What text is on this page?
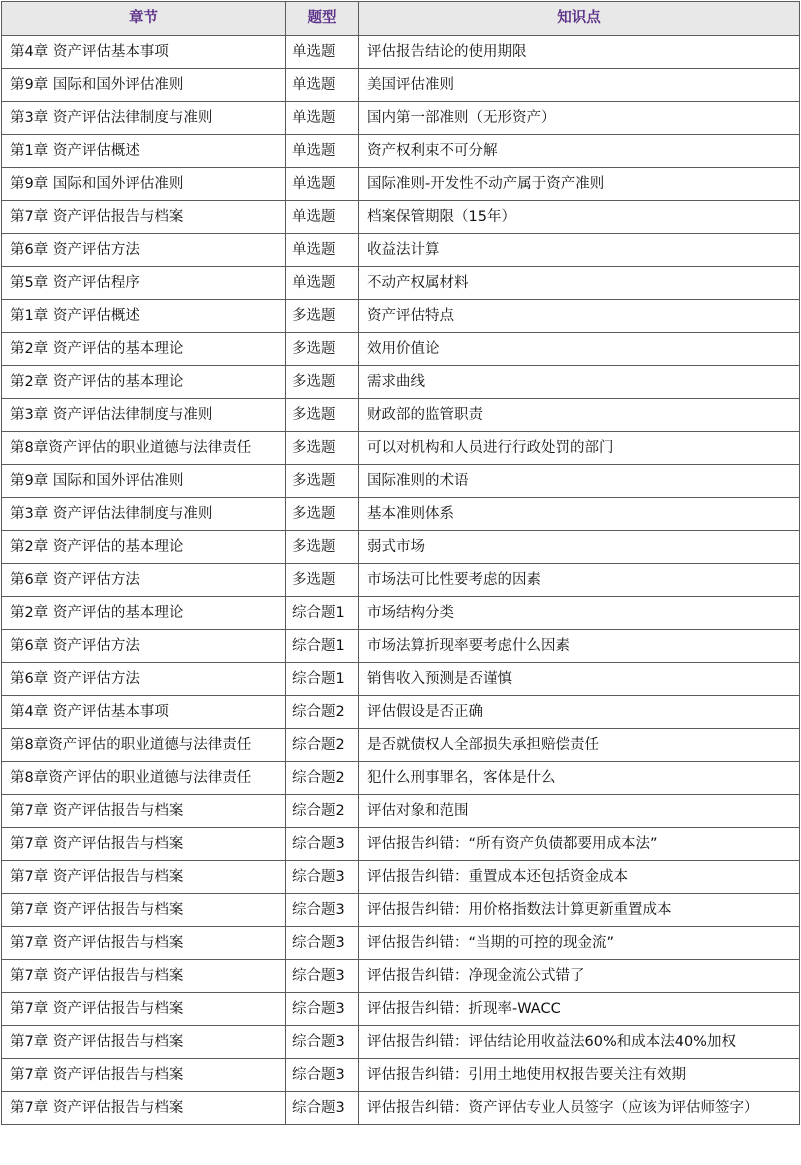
章节	题型	知识点
第4章 资产评估基本事项	单选题	评估报告结论的使用期限
第9章 国际和国外评估准则	单选题	美国评估准则
第3章 资产评估法律制度与准则	单选题	国内第一部准则（无形资产）
第1章 资产评估概述	单选题	资产权利束不可分解
第9章 国际和国外评估准则	单选题	国际准则-开发性不动产属于资产准则
第7章 资产评估报告与档案	单选题	档案保管期限（15年）
第6章 资产评估方法	单选题	收益法计算
第5章 资产评估程序	单选题	不动产权属材料
第1章 资产评估概述	多选题	资产评估特点
第2章 资产评估的基本理论	多选题	效用价值论
第2章 资产评估的基本理论	多选题	需求曲线
第3章 资产评估法律制度与准则	多选题	财政部的监管职责
第8章资产评估的职业道德与法律责任	多选题	可以对机构和人员进行行政处罚的部门
第9章 国际和国外评估准则	多选题	国际准则的术语
第3章 资产评估法律制度与准则	多选题	基本准则体系
第2章 资产评估的基本理论	多选题	弱式市场
第6章 资产评估方法	多选题	市场法可比性要考虑的因素
第2章 资产评估的基本理论	综合题1	市场结构分类
第6章 资产评估方法	综合题1	市场法算折现率要考虑什么因素
第6章 资产评估方法	综合题1	销售收入预测是否谨慎
第4章 资产评估基本事项	综合题2	评估假设是否正确
第8章资产评估的职业道德与法律责任	综合题2	是否就债权人全部损失承担赔偿责任
第8章资产评估的职业道德与法律责任	综合题2	犯什么刑事罪名，客体是什么
第7章 资产评估报告与档案	综合题2	评估对象和范围
第7章 资产评估报告与档案	综合题3	评估报告纠错：“所有资产负债都要用成本法”
第7章 资产评估报告与档案	综合题3	评估报告纠错：重置成本还包括资金成本
第7章 资产评估报告与档案	综合题3	评估报告纠错：用价格指数法计算更新重置成本
第7章 资产评估报告与档案	综合题3	评估报告纠错：“当期的可控的现金流”
第7章 资产评估报告与档案	综合题3	评估报告纠错：净现金流公式错了
第7章 资产评估报告与档案	综合题3	评估报告纠错：折现率-WACC
第7章 资产评估报告与档案	综合题3	评估报告纠错：评估结论用收益法60%和成本法40%加权
第7章 资产评估报告与档案	综合题3	评估报告纠错：引用土地使用权报告要关注有效期
第7章 资产评估报告与档案	综合题3	评估报告纠错：资产评估专业人员签字（应该为评估师签字）
